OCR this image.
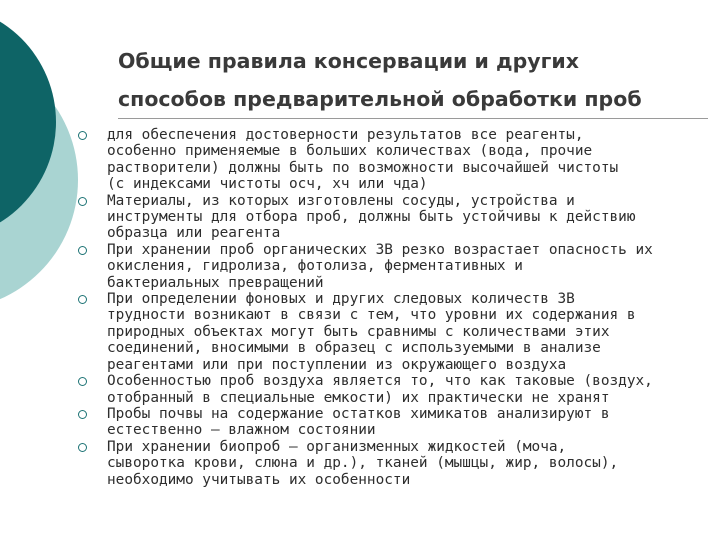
Общие правила консервации и других
способов предварительной обработки проб
для обеспечения достоверности результатов все реагенты,
особенно применяемые в больших количествах (вода, прочие
растворители) должны быть по возможности высочайшей чистоты
(с индексами чистоты осч, хч или чда)
Материалы, из которых изготовлены сосуды, устройства и
инструменты для отбора проб, должны быть устойчивы к действию
образца или реагента
При хранении проб органических ЗВ резко возрастает опасность их
окисления, гидролиза, фотолиза, ферментативных и
бактериальных превращений
При определении фоновых и других следовых количеств ЗВ
трудности возникают в связи с тем, что уровни их содержания в
природных объектах могут быть сравнимы с количествами этих
соединений, вносимыми в образец с используемыми в анализе
реагентами или при поступлении из окружающего воздуха
Особенностью проб воздуха является то, что как таковые (воздух,
отобранный в специальные емкости) их практически не хранят
Пробы почвы на содержание остатков химикатов анализируют в
естественно – влажном состоянии
При хранении биопроб – организменных жидкостей (моча,
сыворотка крови, слюна и др.), тканей (мышцы, жир, волосы),
необходимо учитывать их особенности
